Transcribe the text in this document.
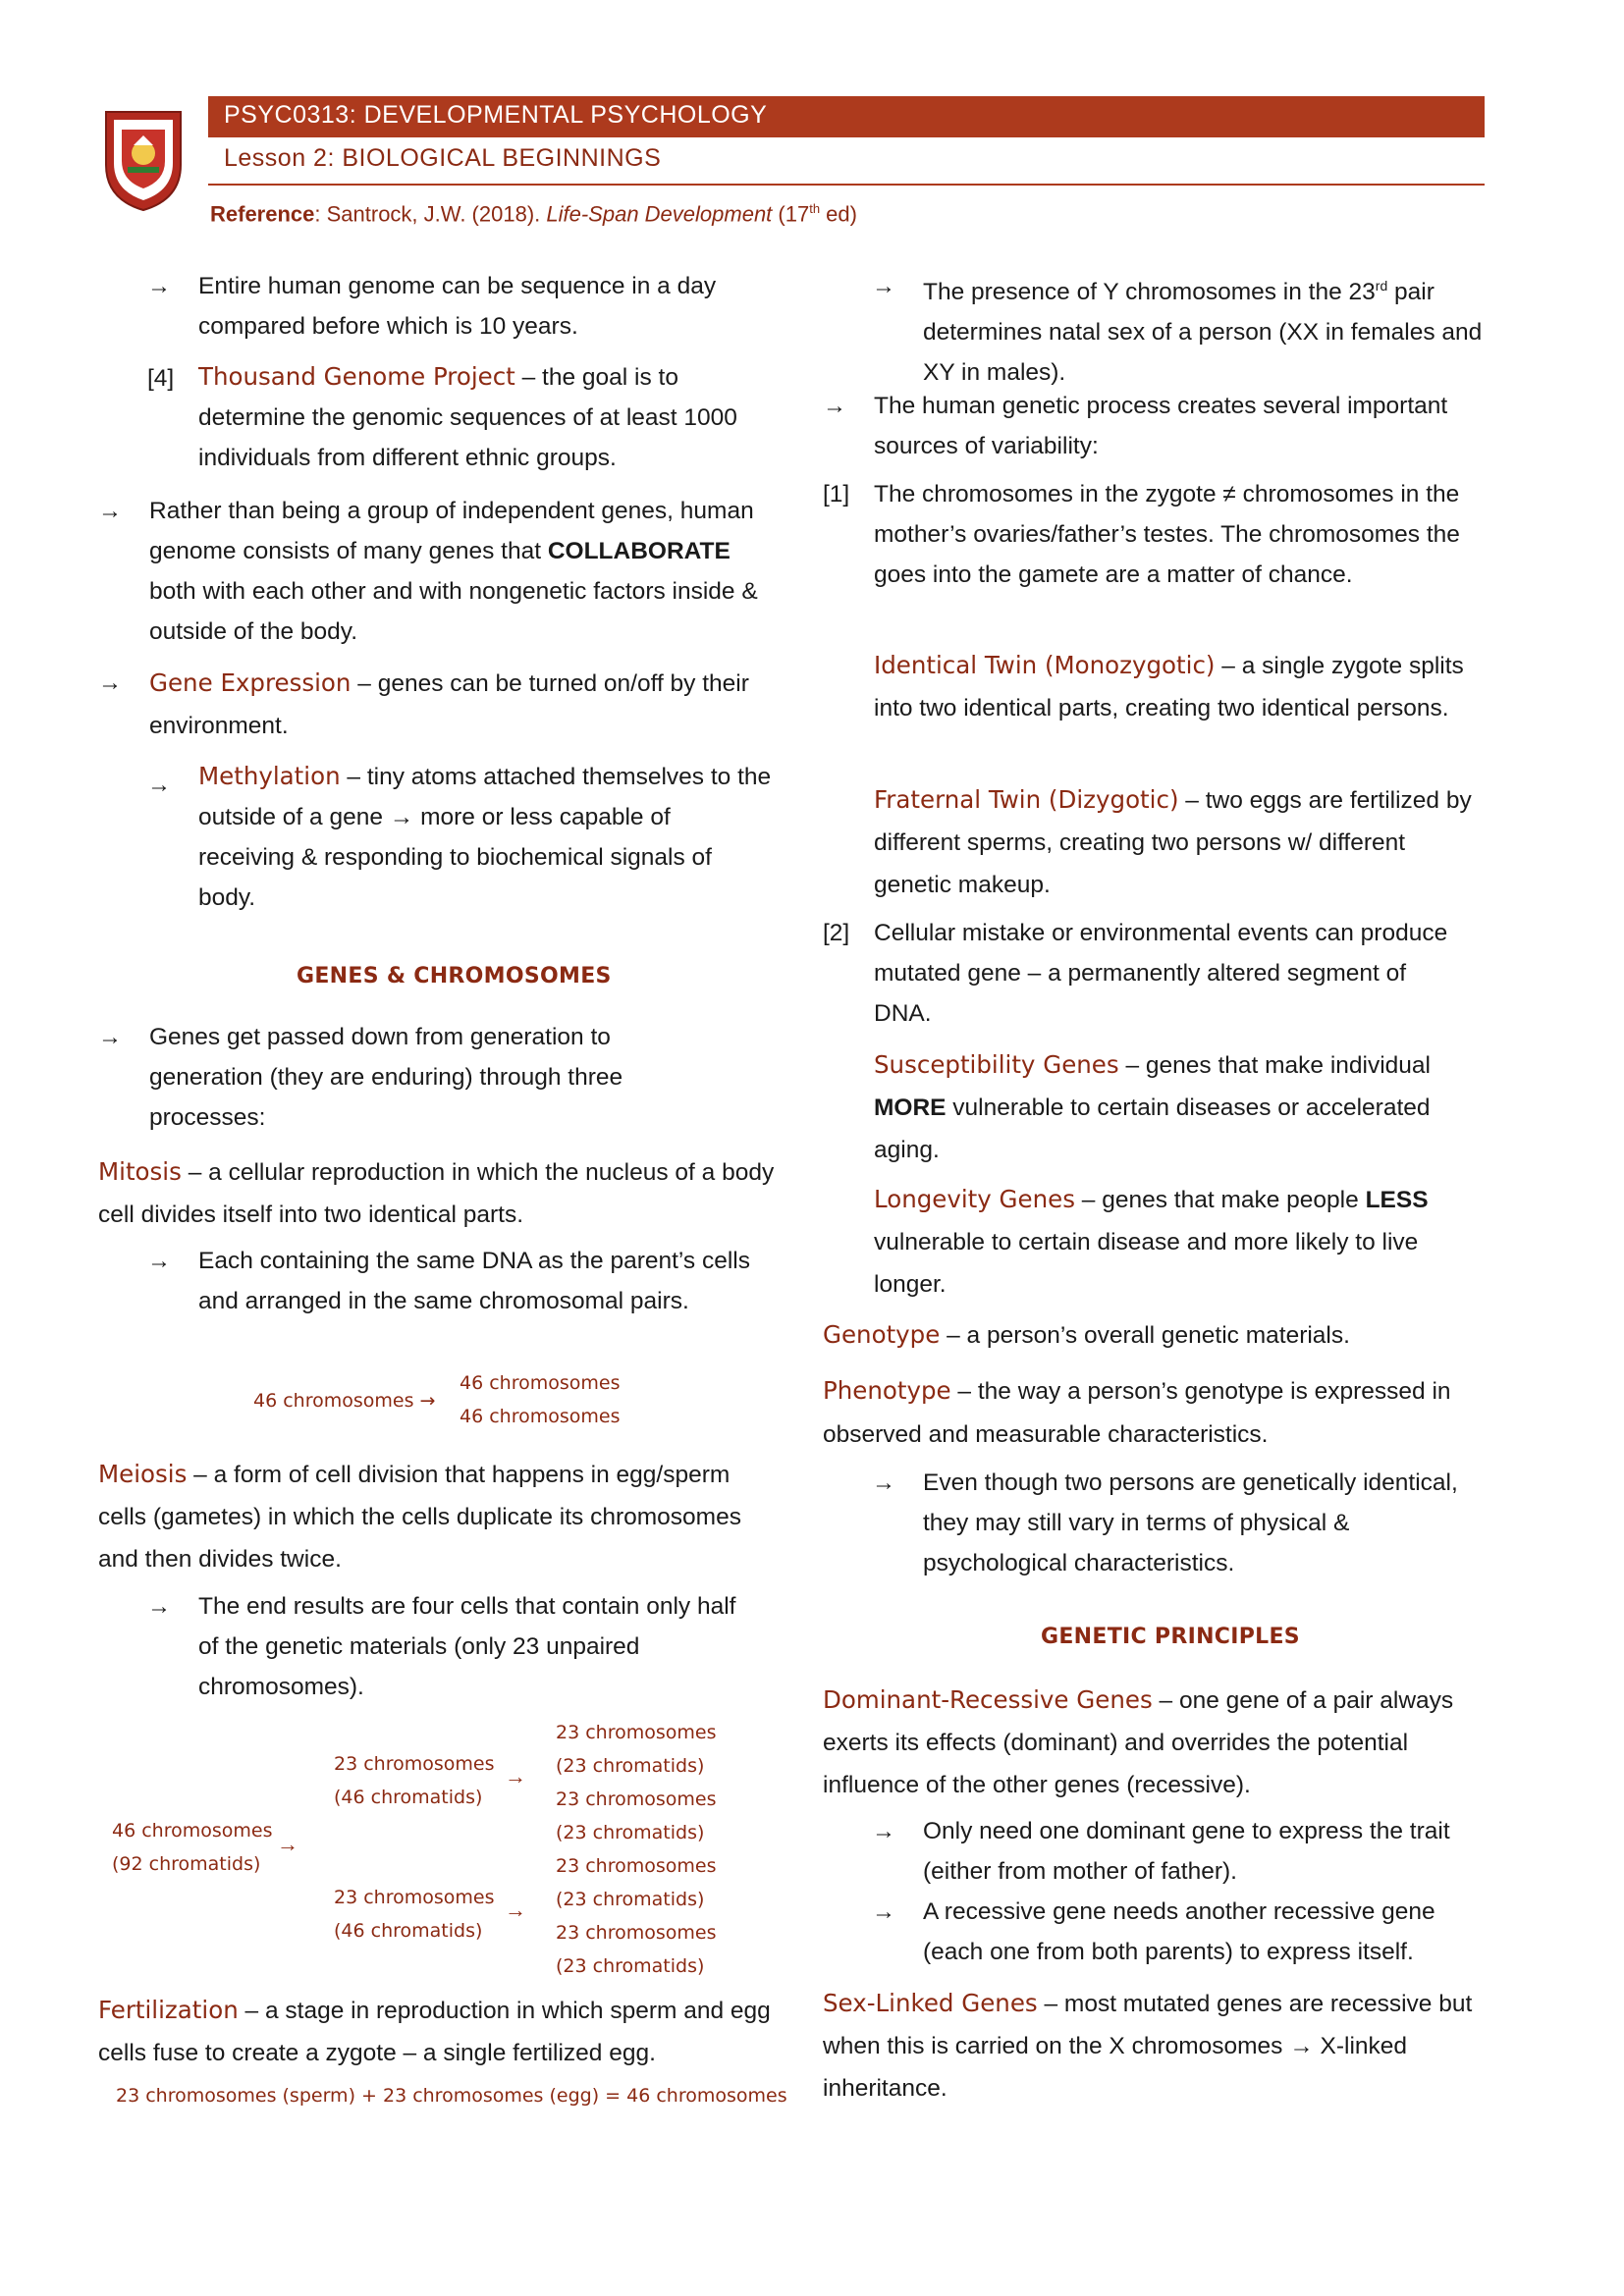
PSYC0313: DEVELOPMENTAL PSYCHOLOGY
Lesson 2: BIOLOGICAL BEGINNINGS
Reference: Santrock, J.W. (2018). Life-Span Development (17th ed)
→ Entire human genome can be sequence in a day compared before which is 10 years.
[4] Thousand Genome Project – the goal is to determine the genomic sequences of at least 1000 individuals from different ethnic groups.
→ Rather than being a group of independent genes, human genome consists of many genes that COLLABORATE both with each other and with nongenetic factors inside & outside of the body.
→ Gene Expression – genes can be turned on/off by their environment.
→ Methylation – tiny atoms attached themselves to the outside of a gene → more or less capable of receiving & responding to biochemical signals of body.
GENES & CHROMOSOMES
→ Genes get passed down from generation to generation (they are enduring) through three processes:
Mitosis – a cellular reproduction in which the nucleus of a body cell divides itself into two identical parts.
→ Each containing the same DNA as the parent’s cells and arranged in the same chromosomal pairs.
46 chromosomes →
46 chromosomes
46 chromosomes
Meiosis – a form of cell division that happens in egg/sperm cells (gametes) in which the cells duplicate its chromosomes and then divides twice.
→ The end results are four cells that contain only half of the genetic materials (only 23 unpaired chromosomes).
46 chromosomes
(92 chromatids)
→
23 chromosomes
(46 chromatids)
→
23 chromosomes
(46 chromatids)
→
23 chromosomes
(23 chromatids)
23 chromosomes
(23 chromatids)
23 chromosomes
(23 chromatids)
23 chromosomes
(23 chromatids)
Fertilization – a stage in reproduction in which sperm and egg cells fuse to create a zygote – a single fertilized egg.
23 chromosomes (sperm) + 23 chromosomes (egg) = 46 chromosomes
→ The presence of Y chromosomes in the 23rd pair determines natal sex of a person (XX in females and XY in males).
→ The human genetic process creates several important sources of variability:
[1] The chromosomes in the zygote ≠ chromosomes in the mother’s ovaries/father’s testes. The chromosomes the goes into the gamete are a matter of chance.
Identical Twin (Monozygotic) – a single zygote splits into two identical parts, creating two identical persons.
Fraternal Twin (Dizygotic) – two eggs are fertilized by different sperms, creating two persons w/ different genetic makeup.
[2] Cellular mistake or environmental events can produce mutated gene – a permanently altered segment of DNA.
Susceptibility Genes – genes that make individual MORE vulnerable to certain diseases or accelerated aging.
Longevity Genes – genes that make people LESS vulnerable to certain disease and more likely to live longer.
Genotype – a person’s overall genetic materials.
Phenotype – the way a person’s genotype is expressed in observed and measurable characteristics.
→ Even though two persons are genetically identical, they may still vary in terms of physical & psychological characteristics.
GENETIC PRINCIPLES
Dominant-Recessive Genes – one gene of a pair always exerts its effects (dominant) and overrides the potential influence of the other genes (recessive).
→ Only need one dominant gene to express the trait (either from mother of father).
→ A recessive gene needs another recessive gene (each one from both parents) to express itself.
Sex-Linked Genes – most mutated genes are recessive but when this is carried on the X chromosomes → X-linked inheritance.
